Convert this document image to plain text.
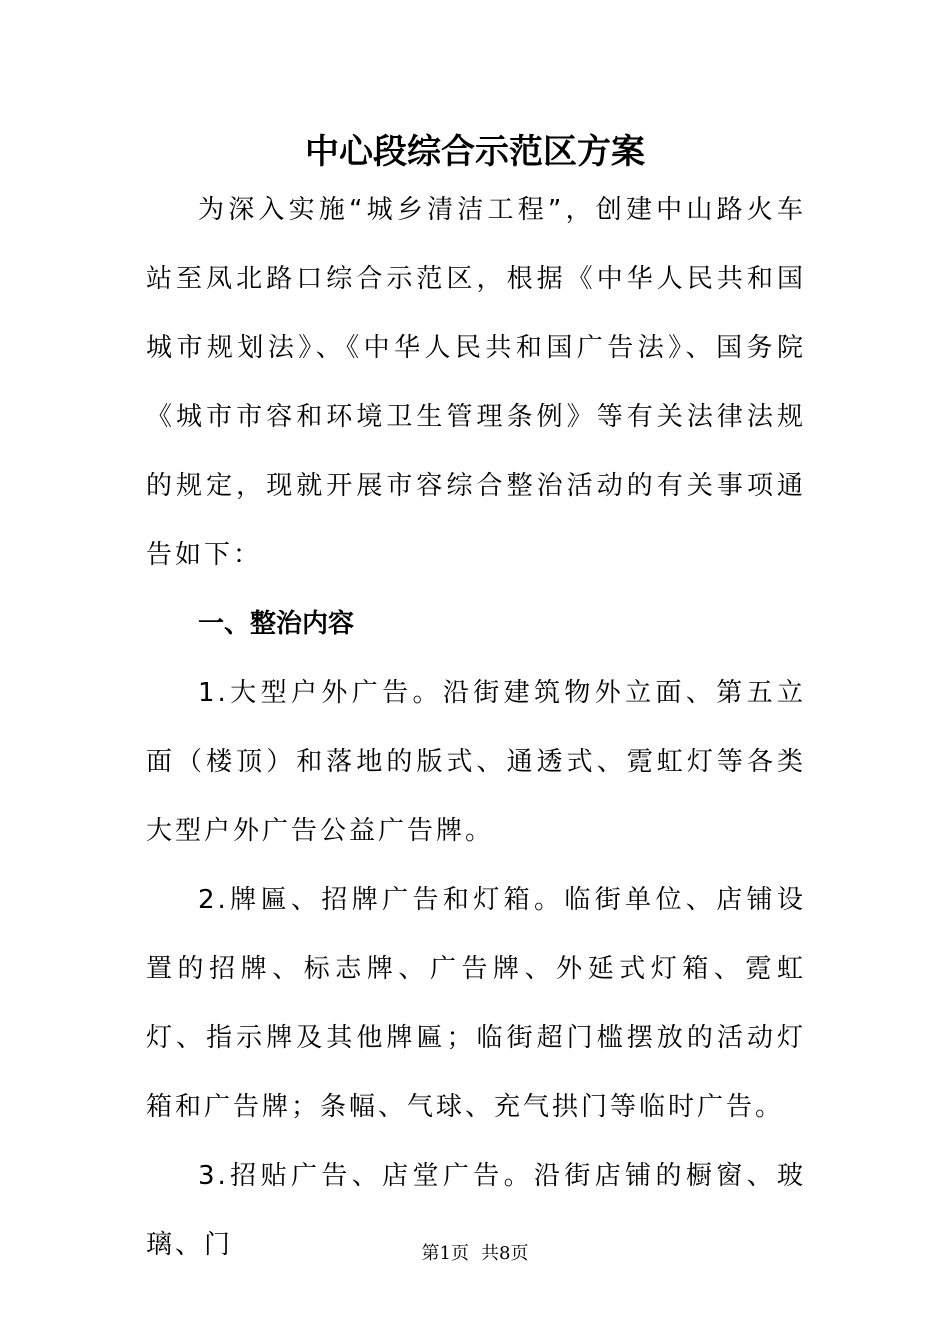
中心段综合示范区方案

为深入实施“城乡清洁工程”，创建中山路火车站至凤北路口综合示范区，根据《中华人民共和国城市规划法》、《中华人民共和国广告法》、国务院《城市市容和环境卫生管理条例》等有关法律法规的规定，现就开展市容综合整治活动的有关事项通告如下：

一、整治内容

1.大型户外广告。沿街建筑物外立面、第五立面（楼顶）和落地的版式、通透式、霓虹灯等各类大型户外广告公益广告牌。

2.牌匾、招牌广告和灯箱。临街单位、店铺设置的招牌、标志牌、广告牌、外延式灯箱、霓虹灯、指示牌及其他牌匾；临街超门槛摆放的活动灯箱和广告牌；条幅、气球、充气拱门等临时广告。

3.招贴广告、店堂广告。沿街店铺的橱窗、玻璃、门	第1页 共8页
